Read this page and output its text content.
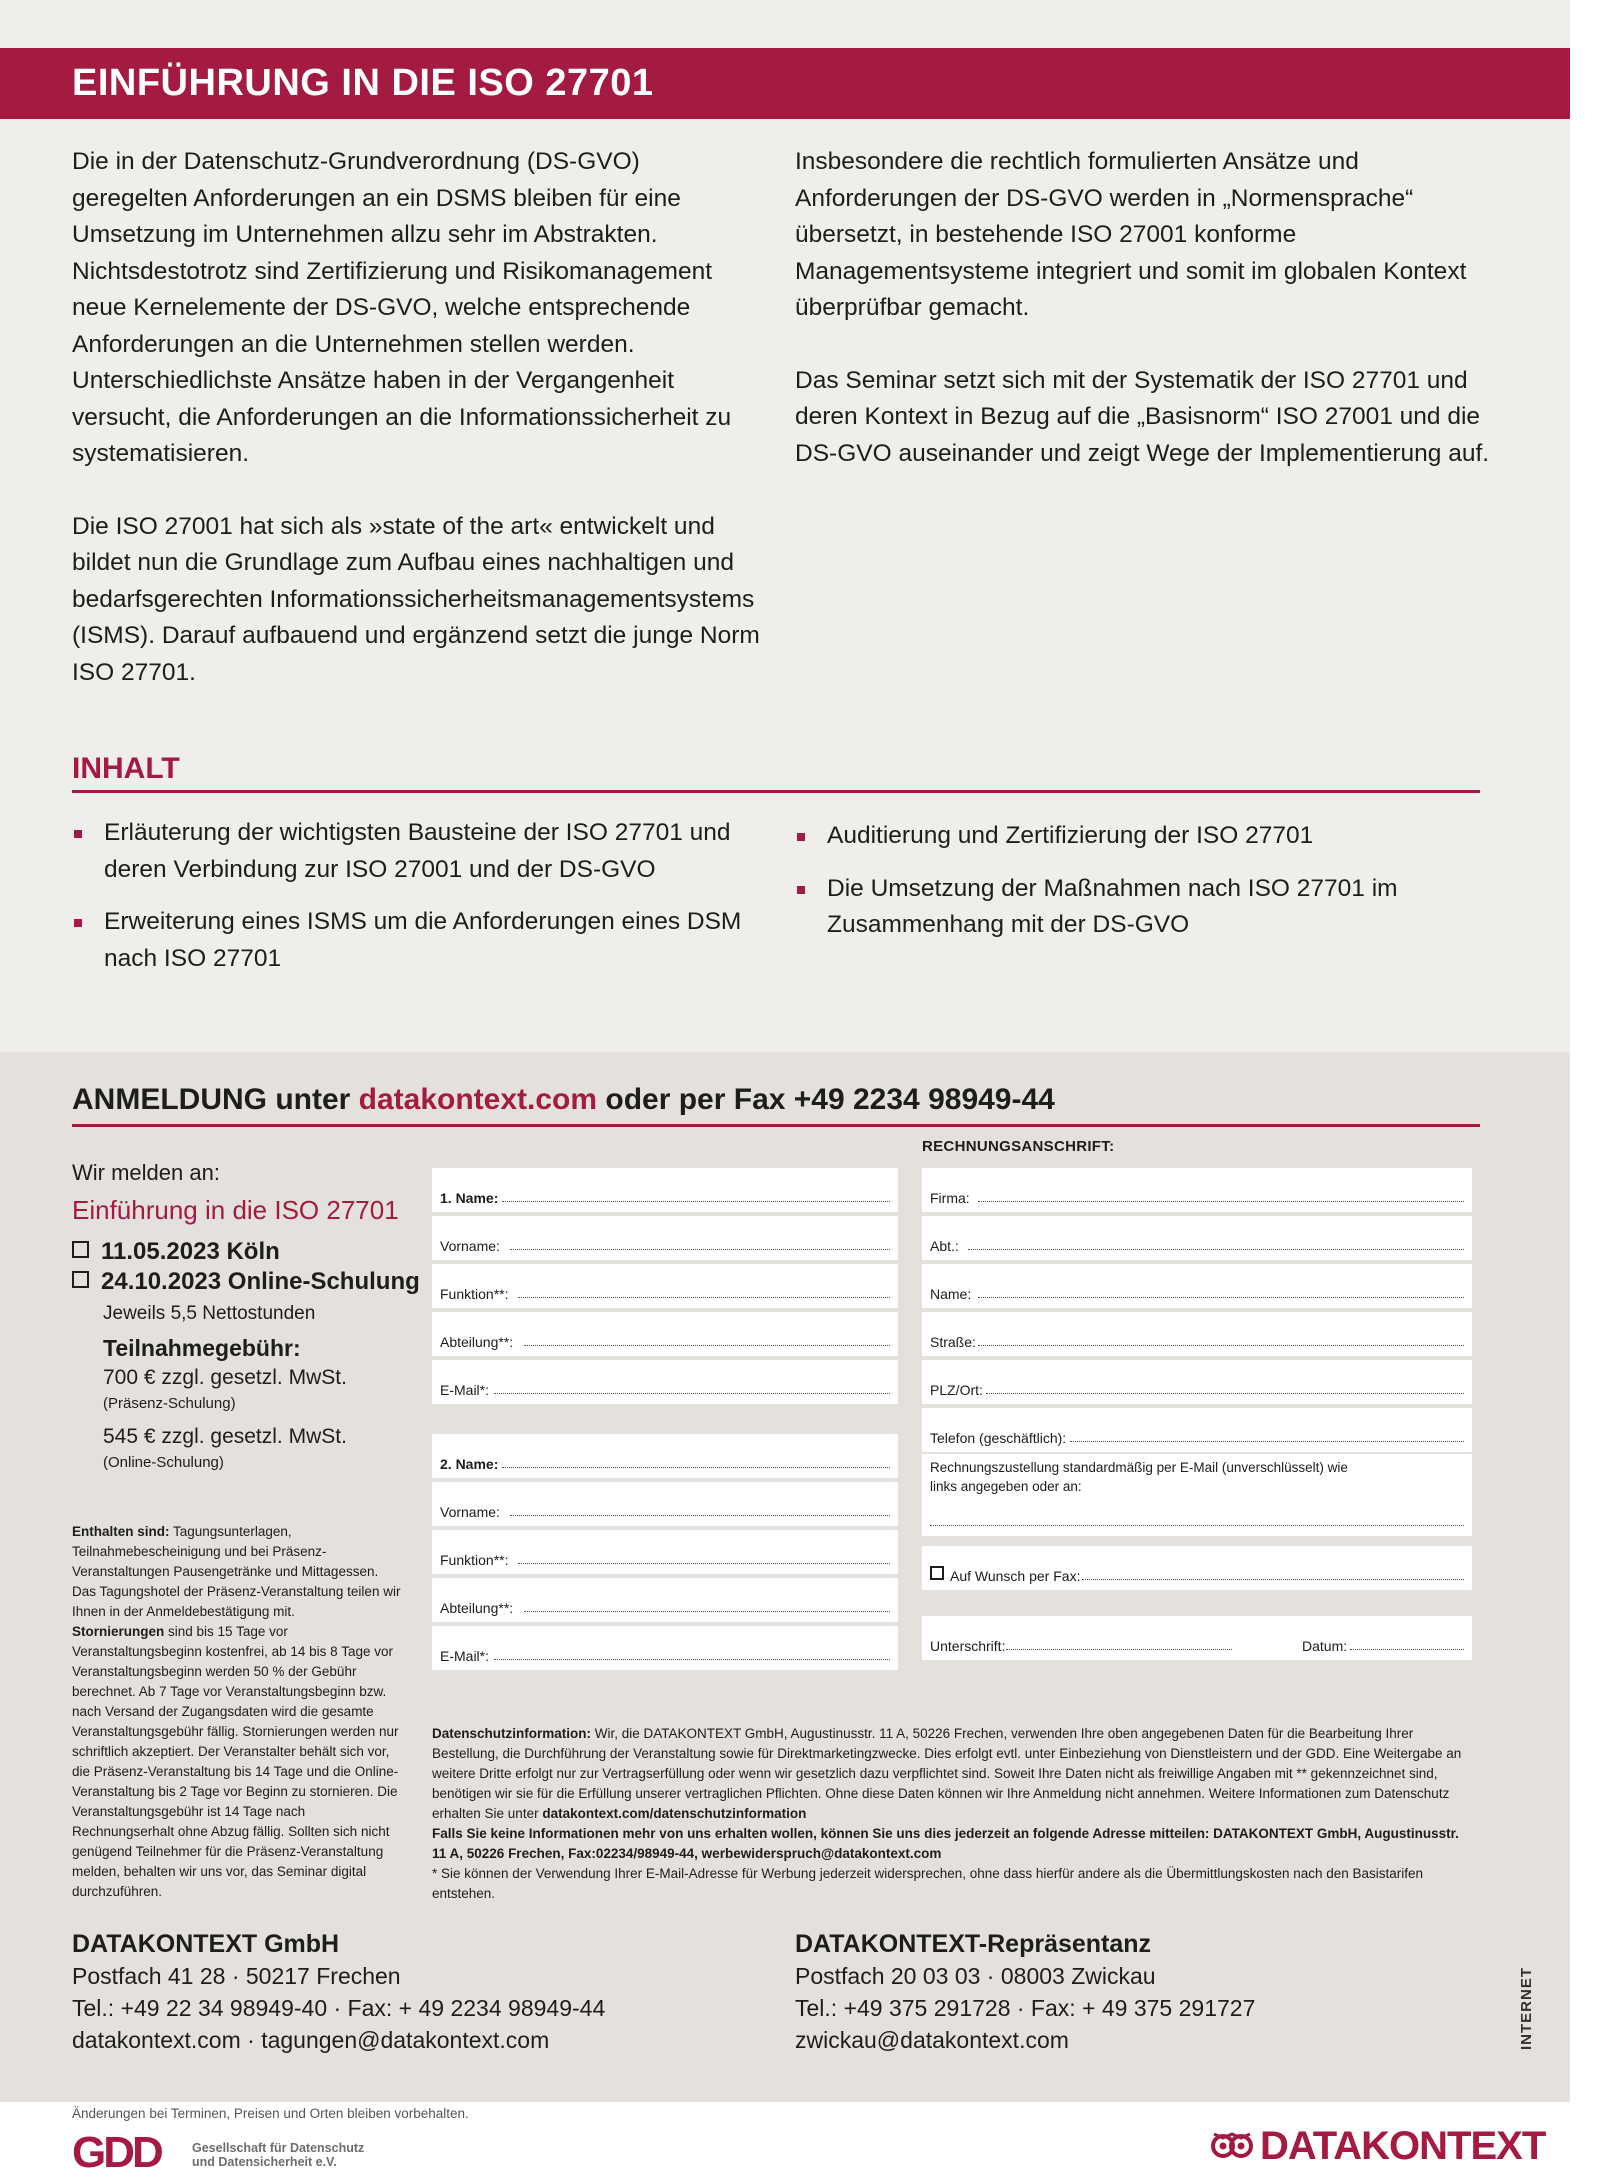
EINFÜHRUNG IN DIE ISO 27701

Die in der Datenschutz-Grundverordnung (DS-GVO) geregelten Anforderungen an ein DSMS bleiben für eine Umsetzung im Unternehmen allzu sehr im Abstrakten. Nichtsdestotrotz sind Zertifizierung und Risikomanagement neue Kernelemente der DS-GVO, welche entsprechende Anforderungen an die Unternehmen stellen werden. Unterschiedlichste Ansätze haben in der Vergangenheit versucht, die Anforderungen an die Informationssicherheit zu systematisieren.

Die ISO 27001 hat sich als »state of the art« entwickelt und bildet nun die Grundlage zum Aufbau eines nachhaltigen und bedarfsgerechten Informationssicherheitsmanagementsystems (ISMS). Darauf aufbauend und ergänzend setzt die junge Norm ISO 27701.

Insbesondere die rechtlich formulierten Ansätze und Anforderungen der DS-GVO werden in „Normensprache“ übersetzt, in bestehende ISO 27001 konforme Managementsysteme integriert und somit im globalen Kontext überprüfbar gemacht.

Das Seminar setzt sich mit der Systematik der ISO 27701 und deren Kontext in Bezug auf die „Basisnorm“ ISO 27001 und die DS-GVO auseinander und zeigt Wege der Implementierung auf.

INHALT
Erläuterung der wichtigsten Bausteine der ISO 27701 und deren Verbindung zur ISO 27001 und der DS-GVO
Erweiterung eines ISMS um die Anforderungen eines DSM nach ISO 27701
Auditierung und Zertifizierung der ISO 27701
Die Umsetzung der Maßnahmen nach ISO 27701 im Zusammenhang mit der DS-GVO
ANMELDUNG unter datakontext.com oder per Fax +49 2234 98949-44
Wir melden an:
Einführung in die ISO 27701
11.05.2023 Köln
24.10.2023 Online-Schulung
Jeweils 5,5 Nettostunden
Teilnahmegebühr:
700 € zzgl. gesetzl. MwSt.
(Präsenz-Schulung)
545 € zzgl. gesetzl. MwSt.
(Online-Schulung)
Enthalten sind: Tagungsunterlagen, Teilnahmebescheinigung und bei Präsenz-Veranstaltungen Pausengetränke und Mittagessen.
Das Tagungshotel der Präsenz-Veranstaltung teilen wir Ihnen in der Anmeldebestätigung mit.
Stornierungen sind bis 15 Tage vor Veranstaltungsbeginn kostenfrei, ab 14 bis 8 Tage vor Veranstaltungsbeginn werden 50 % der Gebühr berechnet. Ab 7 Tage vor Veranstaltungsbeginn bzw. nach Versand der Zugangsdaten wird die gesamte Veranstaltungsgebühr fällig. Stornierungen werden nur schriftlich akzeptiert. Der Veranstalter behält sich vor, die Präsenz-Veranstaltung bis 14 Tage und die Online-Veranstaltung bis 2 Tage vor Beginn zu stornieren. Die Veranstaltungsgebühr ist 14 Tage nach Rechnungserhalt ohne Abzug fällig. Sollten sich nicht genügend Teilnehmer für die Präsenz-Veranstaltung melden, behalten wir uns vor, das Seminar digital durchzuführen.
1. Name:
Vorname:
Funktion**:
Abteilung**:
E-Mail*:
2. Name:
Vorname:
Funktion**:
Abteilung**:
E-Mail*:
RECHNUNGSANSCHRIFT:
Firma:
Abt.:
Name:
Straße:
PLZ/Ort:
Telefon (geschäftlich):
Rechnungszustellung standardmäßig per E-Mail (unverschlüsselt) wie links angegeben oder an:
Auf Wunsch per Fax:
Unterschrift:	Datum:
Datenschutzinformation: Wir, die DATAKONTEXT GmbH, Augustinusstr. 11 A, 50226 Frechen, verwenden Ihre oben angegebenen Daten für die Bearbeitung Ihrer Bestellung, die Durchführung der Veranstaltung sowie für Direktmarketingzwecke. Dies erfolgt evtl. unter Einbeziehung von Dienstleistern und der GDD. Eine Weitergabe an weitere Dritte erfolgt nur zur Vertragserfüllung oder wenn wir gesetzlich dazu verpflichtet sind. Soweit Ihre Daten nicht als freiwillige Angaben mit ** gekennzeichnet sind, benötigen wir sie für die Erfüllung unserer vertraglichen Pflichten. Ohne diese Daten können wir Ihre Anmeldung nicht annehmen. Weitere Informationen zum Datenschutz erhalten Sie unter datakontext.com/datenschutzinformation
Falls Sie keine Informationen mehr von uns erhalten wollen, können Sie uns dies jederzeit an folgende Adresse mitteilen: DATAKONTEXT GmbH, Augustinusstr. 11 A, 50226 Frechen, Fax:02234/98949-44, werbewiderspruch@datakontext.com
* Sie können der Verwendung Ihrer E-Mail-Adresse für Werbung jederzeit widersprechen, ohne dass hierfür andere als die Übermittlungskosten nach den Basistarifen entstehen.
DATAKONTEXT GmbH
Postfach 41 28 · 50217 Frechen
Tel.: +49 22 34 98949-40 · Fax: + 49 2234 98949-44
datakontext.com · tagungen@datakontext.com
DATAKONTEXT-Repräsentanz
Postfach 20 03 03 · 08003 Zwickau
Tel.: +49 375 291728 · Fax: + 49 375 291727
zwickau@datakontext.com	INTERNET
Änderungen bei Terminen, Preisen und Orten bleiben vorbehalten.
GDD Gesellschaft für Datenschutz
und Datensicherheit e.V.	DATAKONTEXT
